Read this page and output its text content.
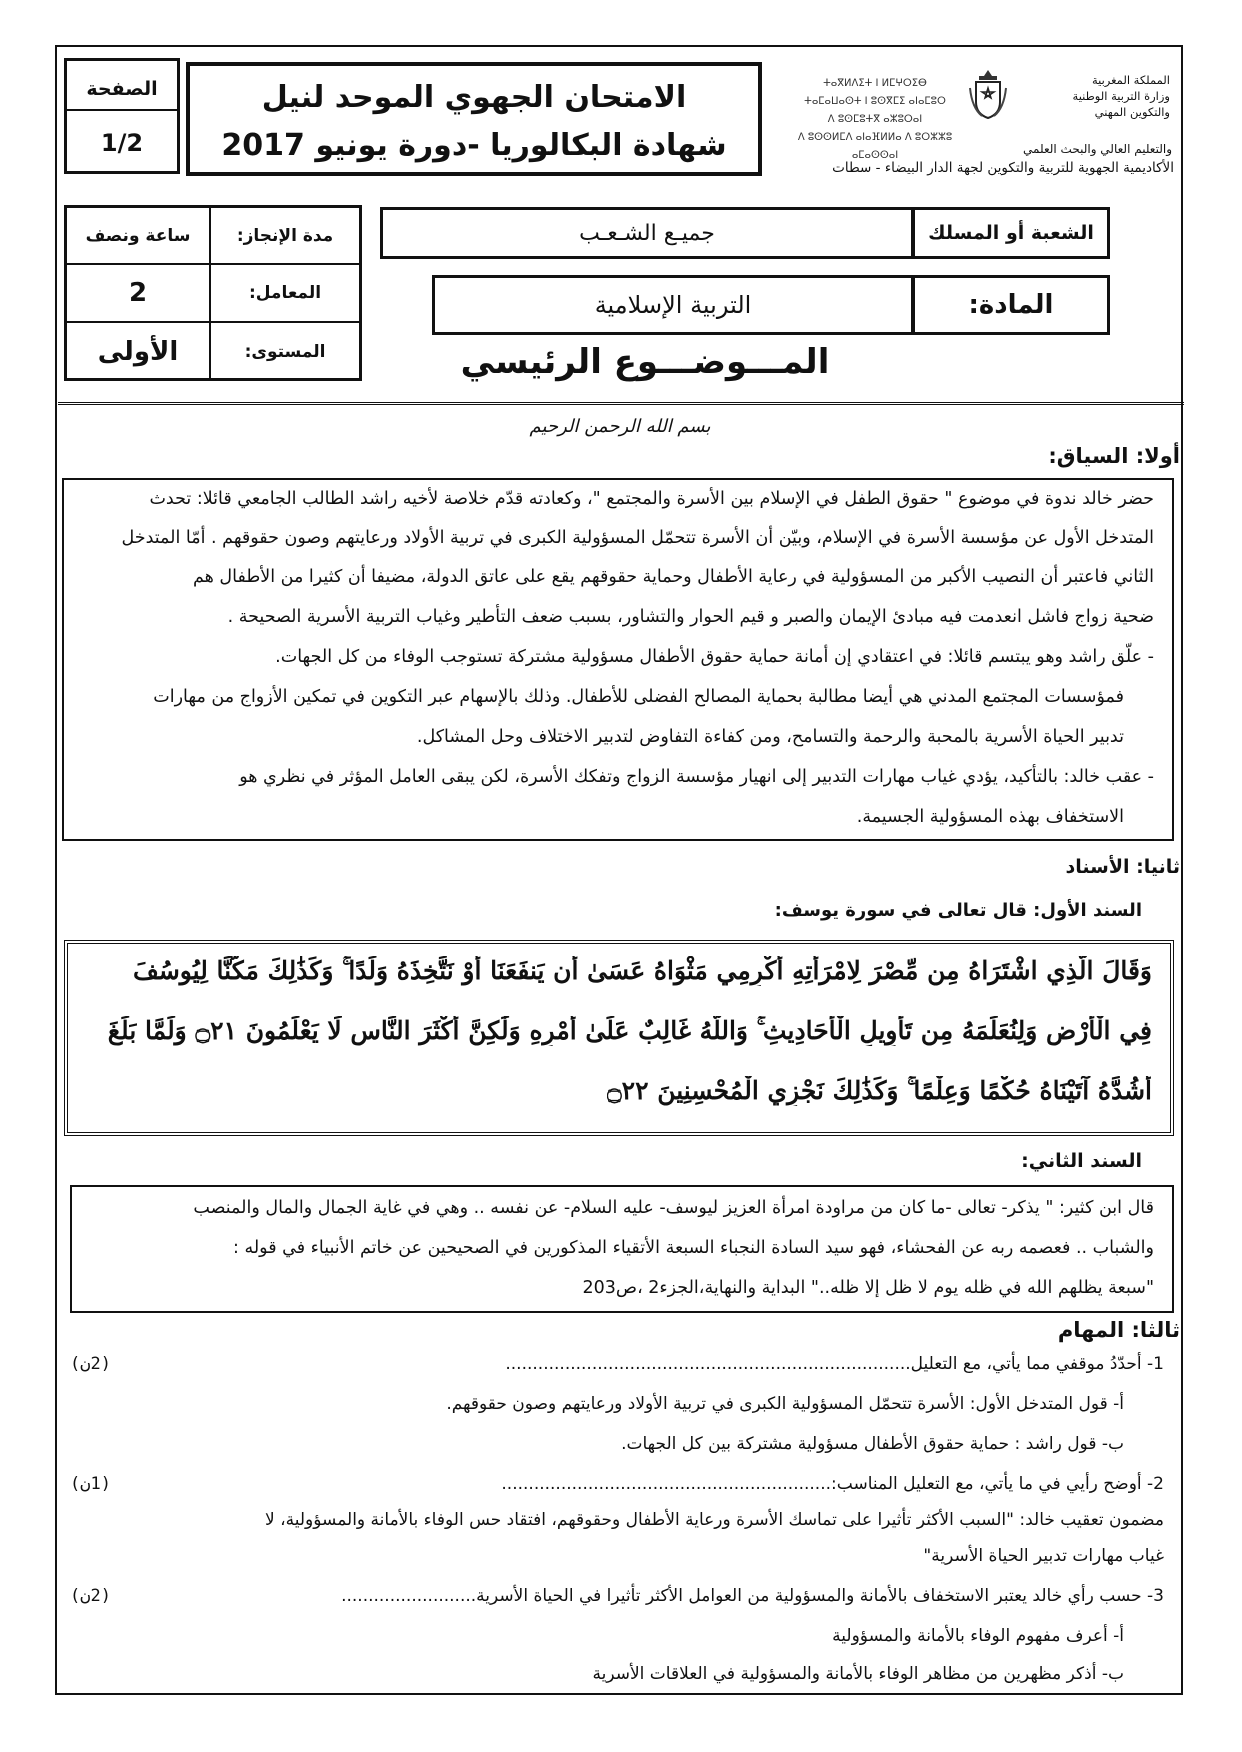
الصفحة
1/2
الامتحان الجهوي الموحد لنيل
شهادة البكالوريا -دورة يونيو 2017
ⵜⴰⴳⵍⴷⵉⵜ ⵏ ⵍⵎⵖⵔⵉⴱ
ⵜⴰⵎⴰⵡⴰⵙⵜ ⵏ ⵓⵙⴳⵎⵉ ⴰⵏⴰⵎⵓⵔ
ⴷ ⵓⵙⵎⵓⵜⴳ ⴰⵣⵓⵔⴰⵏ
ⴷ ⵓⵙⵙⵍⵎⴷ ⴰⵏⴰⴼⵍⵍⴰ ⴷ ⵓⵔⵣⵣⵓ ⴰⵎⴰⵙⵙⴰⵏ
المملكة المغربية
وزارة التربية الوطنية
والتكوين المهني
والتعليم العالي والبحث العلمي
الأكاديمية الجهوية للتربية والتكوين لجهة الدار البيضاء - سطات
ساعة ونصف	مدة الإنجاز:
2	المعامل:
الأولى	المستوى:
جميـع الشـعـب	الشعبة أو المسلك
التربية الإسلامية	المادة:
المـــوضـــوع الرئيسي
بسم الله الرحمن الرحيم
أولا: السياق:
حضر خالد ندوة في موضوع " حقوق الطفل في الإسلام بين الأسرة والمجتمع "، وكعادته قدّم خلاصة لأخيه راشد الطالب الجامعي قائلا: تحدث
المتدخل الأول عن مؤسسة الأسرة في الإسلام، وبيّن أن الأسرة تتحمّل المسؤولية الكبرى في تربية الأولاد ورعايتهم وصون حقوقهم . أمّا المتدخل
الثاني فاعتبر أن النصيب الأكبر من المسؤولية في رعاية الأطفال وحماية حقوقهم يقع على عاتق الدولة، مضيفا أن كثيرا من الأطفال هم
ضحية زواج فاشل انعدمت فيه مبادئ الإيمان والصبر و قيم الحوار والتشاور، بسبب ضعف التأطير وغياب التربية الأسرية الصحيحة .
- علّق راشد وهو يبتسم قائلا: في اعتقادي إن أمانة حماية حقوق الأطفال مسؤولية مشتركة تستوجب الوفاء من كل الجهات.
فمؤسسات المجتمع المدني هي أيضا مطالبة بحماية المصالح الفضلى للأطفال. وذلك بالإسهام عبر التكوين في تمكين الأزواج من مهارات
تدبير الحياة الأسرية بالمحبة والرحمة والتسامح، ومن كفاءة التفاوض لتدبير الاختلاف وحل المشاكل.
- عقب خالد: بالتأكيد، يؤدي غياب مهارات التدبير إلى انهيار مؤسسة الزواج وتفكك الأسرة، لكن يبقى العامل المؤثر في نظري هو
الاستخفاف بهذه المسؤولية الجسيمة.
ثانيا: الأسناد
السند الأول: قال تعالى في سورة يوسف:
وَقَالَ الَّذِي اشْتَرَاهُ مِن مِّصْرَ لِامْرَأَتِهِ أَكْرِمِي مَثْوَاهُ عَسَىٰ أَن يَنفَعَنَا أَوْ نَتَّخِذَهُ وَلَدًا ۚ وَكَذَٰلِكَ مَكَّنَّا لِيُوسُفَ
فِي الْأَرْضِ وَلِنُعَلِّمَهُ مِن تَأْوِيلِ الْأَحَادِيثِ ۚ وَاللَّهُ غَالِبٌ عَلَىٰ أَمْرِهِ وَلَٰكِنَّ أَكْثَرَ النَّاسِ لَا يَعْلَمُونَ ۝٢١ وَلَمَّا بَلَغَ
أَشُدَّهُ آتَيْنَاهُ حُكْمًا وَعِلْمًا ۚ وَكَذَٰلِكَ نَجْزِي الْمُحْسِنِينَ ۝٢٢
السند الثاني:
قال ابن كثير: " يذكر- تعالى -ما كان من مراودة امرأة العزيز ليوسف- عليه السلام- عن نفسه .. وهي في غاية الجمال والمال والمنصب
والشباب .. فعصمه ربه عن الفحشاء، فهو سيد السادة النجباء السبعة الأتقياء المذكورين في الصحيحين عن خاتم الأنبياء في قوله :
"سبعة يظلهم الله في ظله يوم لا ظل إلا ظله.." البداية والنهاية،الجزء2 ،ص203
ثالثا: المهام
1- أحدّدُ موقفي مما يأتي، مع التعليل...........................................................................
(2ن)
أ- قول المتدخل الأول: الأسرة تتحمّل المسؤولية الكبرى في تربية الأولاد ورعايتهم وصون حقوقهم.
ب- قول راشد : حماية حقوق الأطفال مسؤولية مشتركة بين كل الجهات.
2- أوضح رأيي في ما يأتي، مع التعليل المناسب:.............................................................
(1ن)
مضمون تعقيب خالد: "السبب الأكثر تأثيرا على تماسك الأسرة ورعاية الأطفال وحقوقهم، افتقاد حس الوفاء بالأمانة والمسؤولية، لا
غياب مهارات تدبير الحياة الأسرية"
3- حسب رأي خالد يعتبر الاستخفاف بالأمانة والمسؤولية من العوامل الأكثر تأثيرا في الحياة الأسرية.........................
(2ن)
أ- أعرف مفهوم الوفاء بالأمانة والمسؤولية
ب- أذكر مظهرين من مظاهر الوفاء بالأمانة والمسؤولية في العلاقات الأسرية
